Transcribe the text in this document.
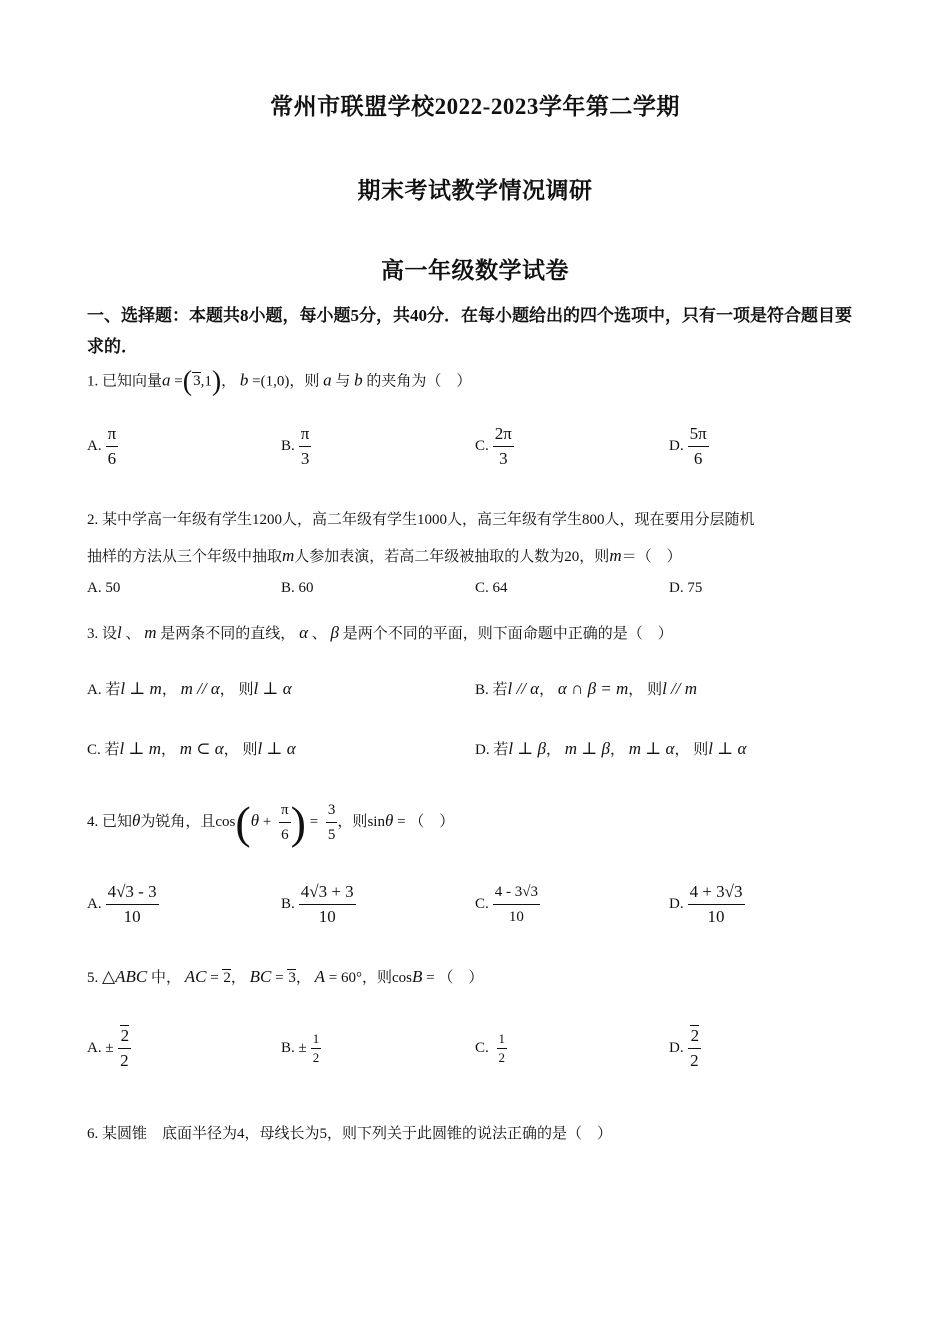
常州市联盟学校2022-2023学年第二学期
期末考试教学情况调研
高一年级数学试卷
一、选择题：本题共8小题，每小题5分，共40分．在每小题给出的四个选项中，只有一项是符合题目要求的．
1. 已知向量a =(3,1)， b =(1,0)，则 a 与 b 的夹角为（　）
A. $\frac{\pi}{6}$	B. $\frac{\pi}{3}$	C. $\frac{2\pi}{3}$	D. $\frac{5\pi}{6}$
2. 某中学高一年级有学生1200人，高二年级有学生1000人，高三年级有学生800人，现在要用分层随机
抽样的方法从三个年级中抽取m人参加表演，若高二年级被抽取的人数为20，则m＝（　）
A. 50	B. 60	C. 64	D. 75
3. 设l 、 m 是两条不同的直线， α 、 β 是两个不同的平面，则下面命题中正确的是（　）
A. 若l ⊥ m， m // α， 则l ⊥ α	B. 若l // α， α ∩ β = m， 则l // m
C. 若l ⊥ m， m ⊂ α， 则l ⊥ α	D. 若l ⊥ β， m ⊥ β， m ⊥ α， 则l ⊥ α
4. 已知θ为锐角，且$\cos(\theta + \frac{\pi}{6}$ ) = $\frac{3}{5}$ ，则sinθ = （　）
A. $\frac{4√3 - 3}{10}$	B. $\frac{4√3 + 3}{10}$	C. $\frac{4 - 3√3}{10}$	D. $\frac{4 + 3√3}{10}$
5. △ABC 中， AC = 2， BC = 3， A = 60°，则cosB = （　）
A. ± $\frac{2}{2}$	B. ± $\frac{1}{2}$	C. $\frac{1}{2}$	D. $\frac{2}{2}$
6. 某圆锥　底面半径为4，母线长为5，则下列关于此圆锥的说法正确的是（　）
